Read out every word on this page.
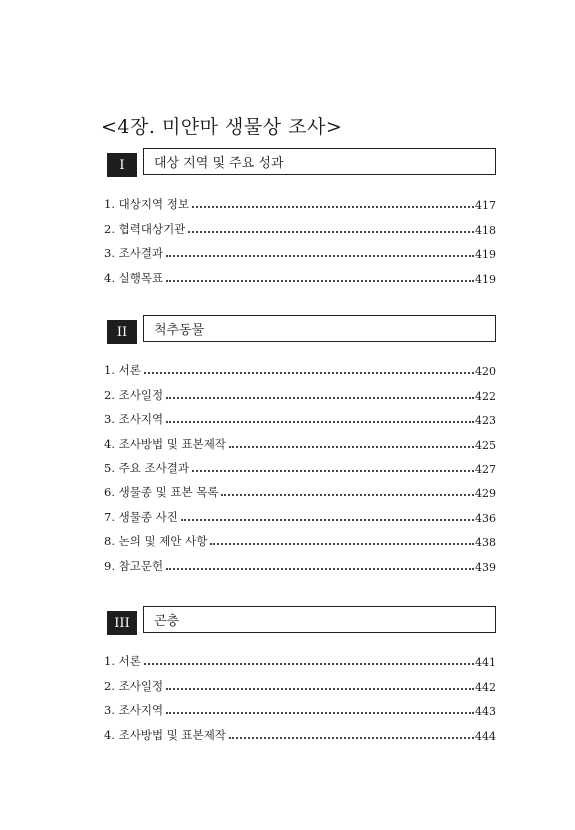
<4장. 미얀마 생물상 조사>
I	대상 지역 및 주요 성과
1. 대상지역 정보	417
2. 협력대상기관	418
3. 조사결과	419
4. 실행목표	419
II	척추동물
1. 서론	420
2. 조사일정	422
3. 조사지역	423
4. 조사방법 및 표본제작	425
5. 주요 조사결과	427
6. 생물종 및 표본 목록	429
7. 생물종 사진	436
8. 논의 및 제안 사항	438
9. 참고문헌	439
III	곤충
1. 서론	441
2. 조사일정	442
3. 조사지역	443
4. 조사방법 및 표본제작	444
